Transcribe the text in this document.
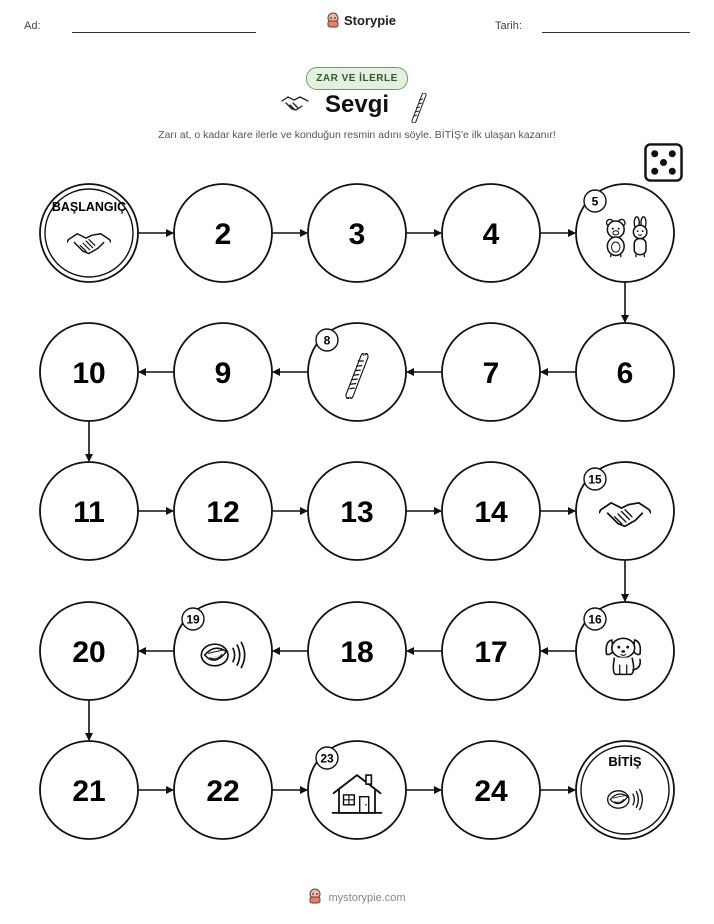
Ad:	Storypie	Tarih:
ZAR VE İLERLE
Sevgi
Zarı at, o kadar kare ilerle ve konduğun resmin adını söyle. BİTİŞ'e ilk ulaşan kazanır!
BAŞLANGIÇ
2	3	4
5
6
7
8
9
10
11	12	13	14
15
16
17
18
19
20
21	22
23
24
BİTİŞ
mystorypie.com
